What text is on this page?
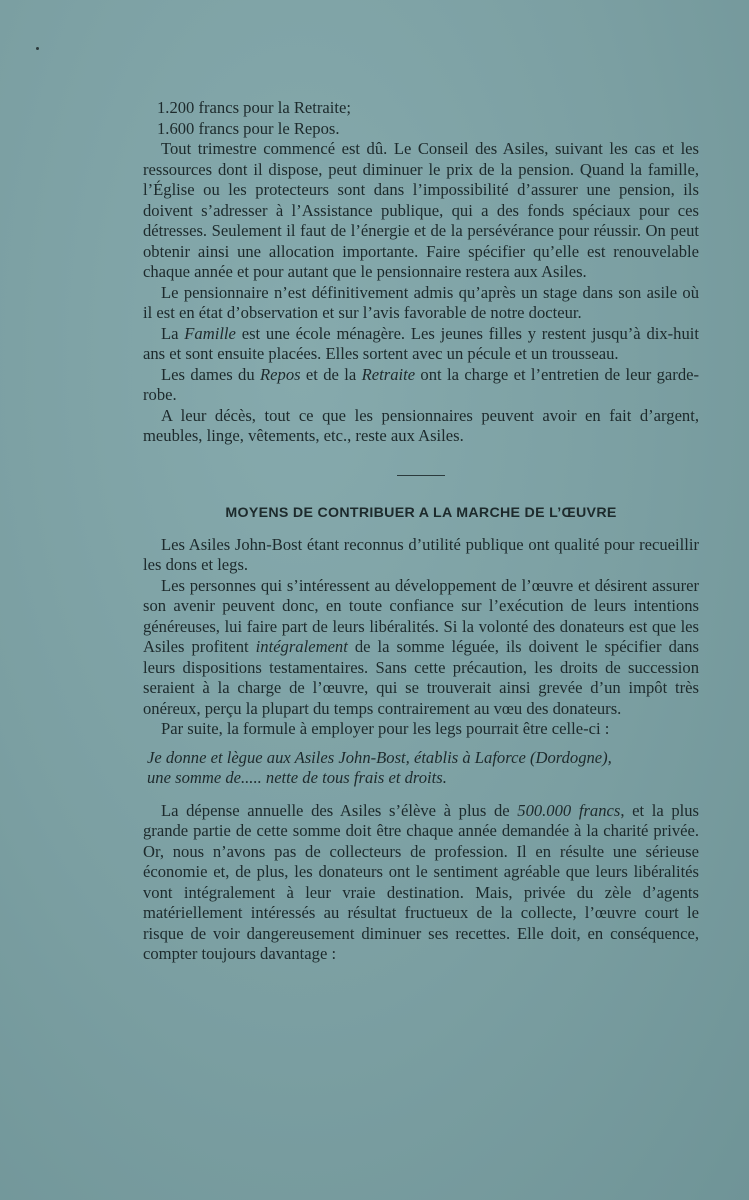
1.200 francs pour la Retraite;

1.600 francs pour le Repos.

Tout trimestre commencé est dû. Le Conseil des Asiles, suivant les cas et les ressources dont il dispose, peut diminuer le prix de la pension. Quand la famille, l’Église ou les protecteurs sont dans l’impossibilité d’assurer une pension, ils doivent s’adresser à l’Assistance publique, qui a des fonds spéciaux pour ces détresses. Seulement il faut de l’énergie et de la persévérance pour réussir. On peut obtenir ainsi une allocation importante. Faire spécifier qu’elle est renouvelable chaque année et pour autant que le pensionnaire restera aux Asiles.

Le pensionnaire n’est définitivement admis qu’après un stage dans son asile où il est en état d’observation et sur l’avis favorable de notre docteur.

La Famille est une école ménagère. Les jeunes filles y restent jusqu’à dix-huit ans et sont ensuite placées. Elles sortent avec un pécule et un trousseau.

Les dames du Repos et de la Retraite ont la charge et l’entretien de leur garde-robe.

A leur décès, tout ce que les pensionnaires peuvent avoir en fait d’argent, meubles, linge, vêtements, etc., reste aux Asiles.

MOYENS DE CONTRIBUER A LA MARCHE DE L’ŒUVRE

Les Asiles John-Bost étant reconnus d’utilité publique ont qualité pour recueillir les dons et legs.

Les personnes qui s’intéressent au développement de l’œuvre et désirent assurer son avenir peuvent donc, en toute confiance sur l’exécution de leurs intentions généreuses, lui faire part de leurs libéralités. Si la volonté des donateurs est que les Asiles profitent intégralement de la somme léguée, ils doivent le spécifier dans leurs dispositions testamentaires. Sans cette précaution, les droits de succession seraient à la charge de l’œuvre, qui se trouverait ainsi grevée d’un impôt très onéreux, perçu la plupart du temps contrairement au vœu des donateurs.

Par suite, la formule à employer pour les legs pourrait être celle-ci :

Je donne et lègue aux Asiles John-Bost, établis à Laforce (Dordogne),

une somme de..... nette de tous frais et droits.

La dépense annuelle des Asiles s’élève à plus de 500.000 francs, et la plus grande partie de cette somme doit être chaque année demandée à la charité privée. Or, nous n’avons pas de collecteurs de profession. Il en résulte une sérieuse économie et, de plus, les donateurs ont le sentiment agréable que leurs libéralités vont intégralement à leur vraie destination. Mais, privée du zèle d’agents matériellement intéressés au résultat fructueux de la collecte, l’œuvre court le risque de voir dangereusement diminuer ses recettes. Elle doit, en conséquence, compter toujours davantage :
